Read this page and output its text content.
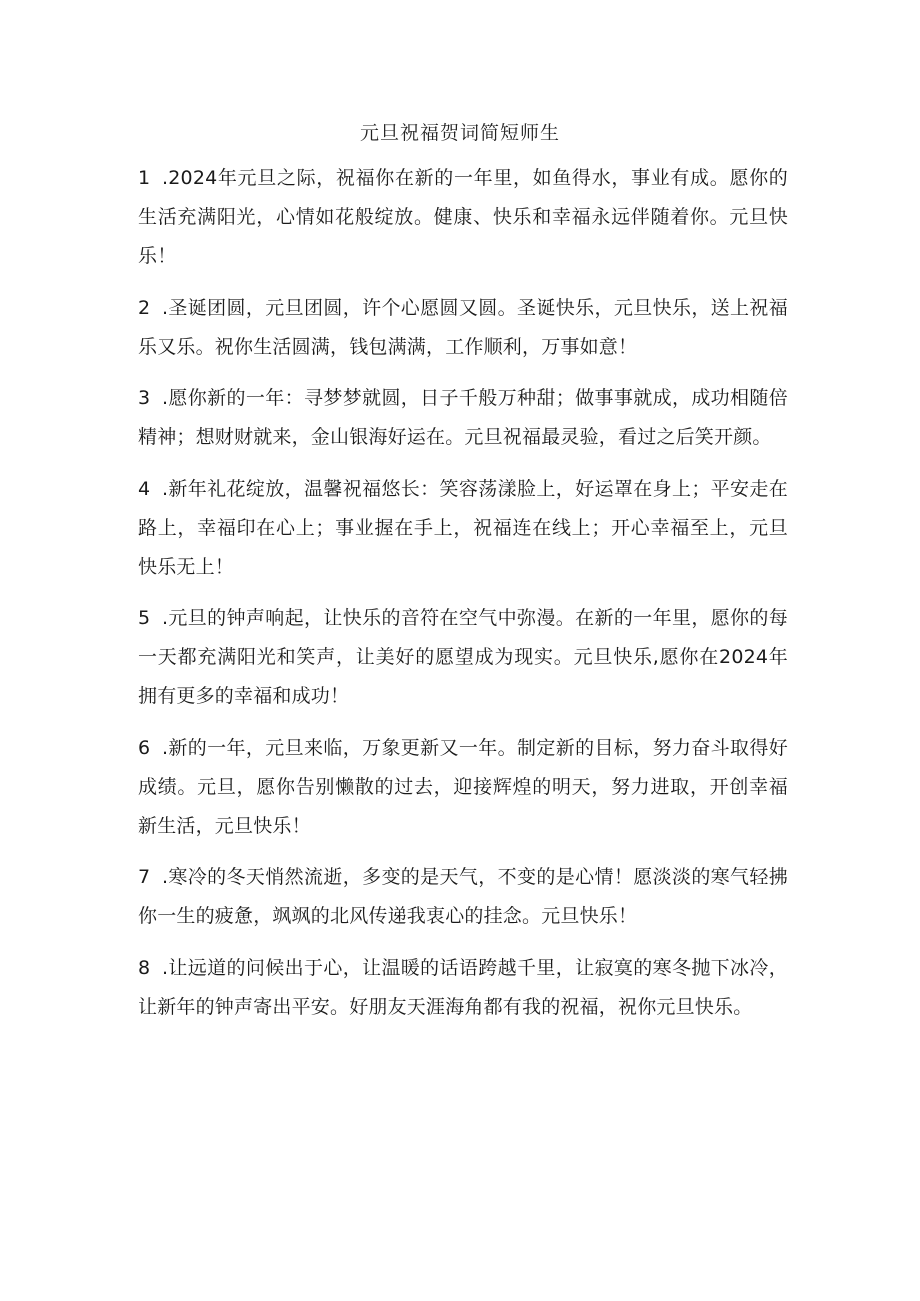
元旦祝福贺词简短师生

1 .2024年元旦之际，祝福你在新的一年里，如鱼得水，事业有成。愿你的生活充满阳光，心情如花般绽放。健康、快乐和幸福永远伴随着你。元旦快乐！

2 .圣诞团圆，元旦团圆，许个心愿圆又圆。圣诞快乐，元旦快乐，送上祝福乐又乐。祝你生活圆满，钱包满满，工作顺利，万事如意！

3 .愿你新的一年：寻梦梦就圆，日子千般万种甜；做事事就成，成功相随倍精神；想财财就来，金山银海好运在。元旦祝福最灵验，看过之后笑开颜。

4 .新年礼花绽放，温馨祝福悠长：笑容荡漾脸上，好运罩在身上；平安走在路上，幸福印在心上；事业握在手上，祝福连在线上；开心幸福至上，元旦快乐无上！

5 .元旦的钟声响起，让快乐的音符在空气中弥漫。在新的一年里，愿你的每一天都充满阳光和笑声，让美好的愿望成为现实。元旦快乐,愿你在2024年拥有更多的幸福和成功！

6 .新的一年，元旦来临，万象更新又一年。制定新的目标，努力奋斗取得好成绩。元旦，愿你告别懒散的过去，迎接辉煌的明天，努力进取，开创幸福新生活，元旦快乐！

7 .寒冷的冬天悄然流逝，多变的是天气，不变的是心情！愿淡淡的寒气轻拂你一生的疲惫，飒飒的北风传递我衷心的挂念。元旦快乐！

8 .让远道的问候出于心，让温暖的话语跨越千里，让寂寞的寒冬抛下冰冷，让新年的钟声寄出平安。好朋友天涯海角都有我的祝福，祝你元旦快乐。
